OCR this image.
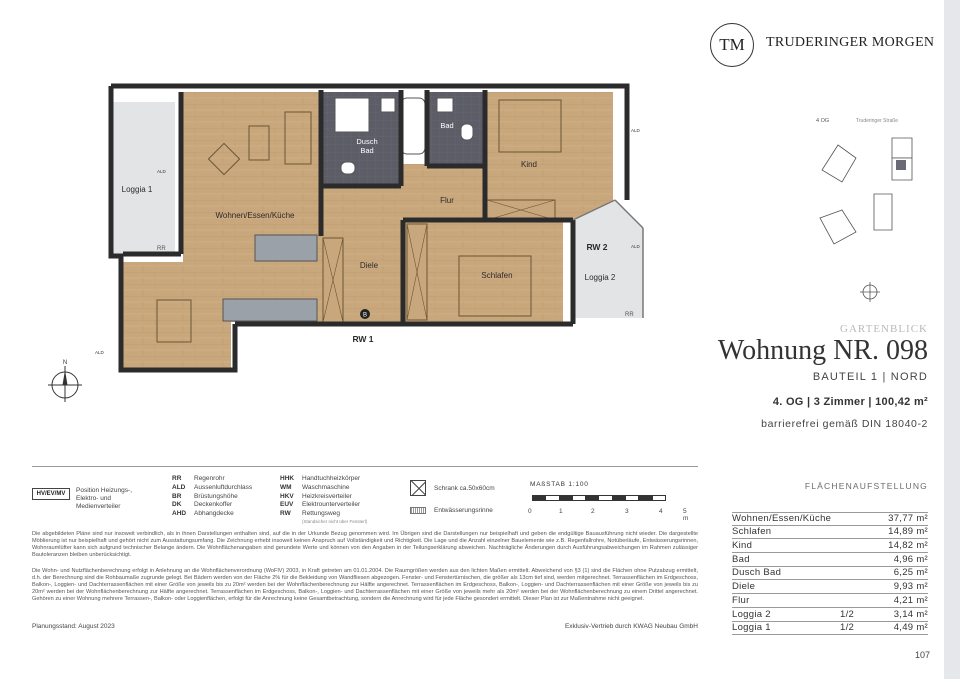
TM TRUDERINGER MORGEN
B
Wohnen/Essen/Küche
Loggia 1
Dusch
Bad
Bad
Kind
Flur
Diele
Schlafen
RW 2
Loggia 2
RW 1
ALD
ALD
ALD
ALD
RR
RR
4 OG	Truderinger Straße
N
GARTENBLICK
Wohnung NR. 098
BAUTEIL 1 | NORD
4. OG | 3 Zimmer | 100,42 m²
barrierefrei gemäß DIN 18040-2
HV/EV/MV	Position Heizungs-, Elektro- und Medienverteiler
RR	Regenrohr
ALD	Aussenluftdurchlass
BR	Brüstungshöhe
DK	Deckenkoffer
AHD	Abhangdecke
HHK	Handtuchheizkörper
WM	Waschmaschine
HKV	Heizkreisverteiler
EUV	Elektrounterverteiler
RW	Rettungsweg
(Standsicher nicht über Fensterl)
Schrank ca.50x60cm
Entwässerungsrinne
MAßSTAB 1:100
0	1	2	3	4	5 m
Die abgebildeten Pläne sind nur insoweit verbindlich, als in ihnen Darstellungen enthalten sind, auf die in der Urkunde Bezug genommen wird. Im Übrigen sind die Darstellungen nur beispielhaft und geben die endgültige Bauausführung nicht wieder. Die dargestellte Möblierung ist nur beispielhaft und gehört nicht zum Ausstattungsumfang. Die Zeichnung erhebt insoweit keinen Anspruch auf Vollständigkeit und Richtigkeit. Die Lage und die Anzahl einzelner Bauelemente wie z.B. Regenfallrohre, Notüberläufe, Entwässerungsrinnen, Wohnraumlüfter kann sich aufgrund technischer Belange ändern. Die Wohnflächenangaben sind gerundete Werte und können von den Angaben in der Teilungserklärung abweichen. Nachträgliche Änderungen durch Ausführungsabweichungen im Rahmen zulässiger Bautoleranzen bleiben unberücksichtigt.
Die Wohn- und Nutzflächenberechnung erfolgt in Anlehnung an die Wohnflächenverordnung (WoFlV) 2003, in Kraft getreten am 01.01.2004. Die Raumgrößen werden aus den lichten Maßen ermittelt. Abweichend von §3 (1) sind die Flächen ohne Putzabzug ermittelt, d.h. der Berechnung sind die Rohbaumaße zugrunde gelegt. Bei Bädern werden von der Fläche 2% für die Bekleidung von Wandfliesen abgezogen. Fenster- und Fenstertürnischen, die größer als 13cm tief sind, werden mitgerechnet. Terrassenflächen im Erdgeschoss, Balkon-, Loggien- und Dachterrassenflächen mit einer Größe von jeweils bis zu 20m² werden bei der Wohnflächenberechnung zur Hälfte angerechnet. Terrassenflächen im Erdgeschoss, Balkon-, Loggien- und Dachterrassenflächen mit einer Größe von jeweils bis zu 20m² werden bei der Wohnflächenberechnung zur Hälfte angerechnet. Terrassenflächen im Erdgeschoss, Balkon-, Loggien- und Dachterrassenflächen mit einer Größe von jeweils mehr als 20m² werden bei der Wohnflächenberechnung zu einem Drittel angerechnet. Gehören zu einer Wohnung mehrere Terrassen-, Balkon- oder Loggienflächen, erfolgt für die Anrechnung keine Gesamtbetrachtung, sondern die Anrechnung wird für jede Fläche gesondert ermittelt. Dieser Plan ist zur Maßentnahme nicht geeignet.
Planungsstand: August 2023	Exklusiv-Vertrieb durch KWAG Neubau GmbH
FLÄCHENAUFSTELLUNG
Wohnen/Essen/Küche	37,77 m²
Schlafen	14,89 m²
Kind	14,82 m²
Bad	4,96 m²
Dusch Bad	6,25 m²
Diele	9,93 m²
Flur	4,21 m²
Loggia 2	1/2	3,14 m²
Loggia 1	1/2	4,49 m²
107
